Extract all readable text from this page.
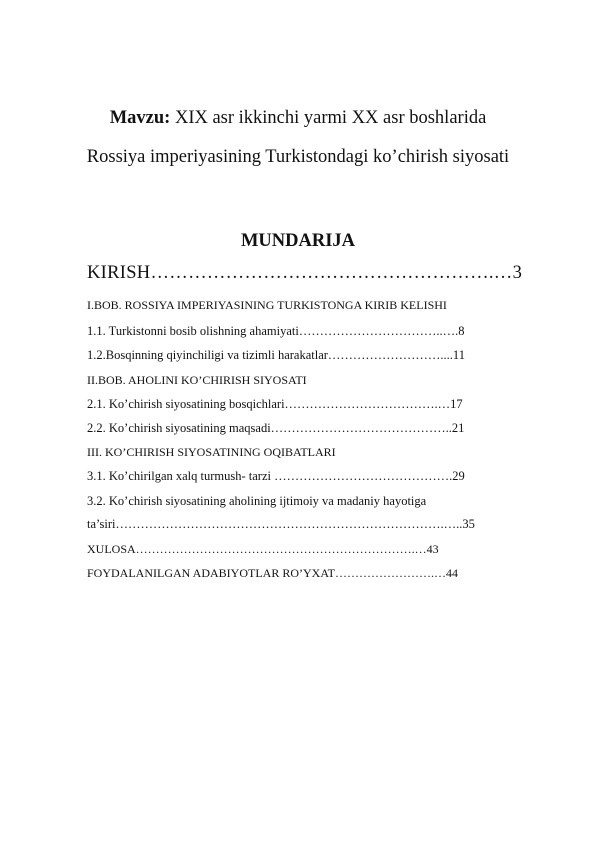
Mavzu: XIX asr ikkinchi yarmi XX asr boshlarida
Rossiya imperiyasining Turkistondagi ko’chirish siyosati
MUNDARIJA
KIRISH……………………………………………….…3
I.BOB. ROSSIYA IMPERIYASINING TURKISTONGA KIRIB KELISHI
1.1. Turkistonni bosib olishning ahamiyati……………………………..….8
1.2.Bosqinning qiyinchiligi va tizimli harakatlar………………………....11
II.BOB. AHOLINI KO’CHIRISH SIYOSATI
2.1. Ko’chirish siyosatining bosqichlari……………………………….…17
2.2. Ko’chirish siyosatining maqsadi……………………………………..21
III. KO’CHIRISH SIYOSATINING OQIBATLARI
3.1. Ko’chirilgan xalq turmush- tarzi …………………………………….29
3.2. Ko’chirish siyosatining aholining ijtimoiy va madaniy hayotiga
ta’siri…………………………………………………………………….…..35
XULOSA…………………………………………………………….…43
FOYDALANILGAN ADABIYOTLAR RO’YXAT…………………….…44
